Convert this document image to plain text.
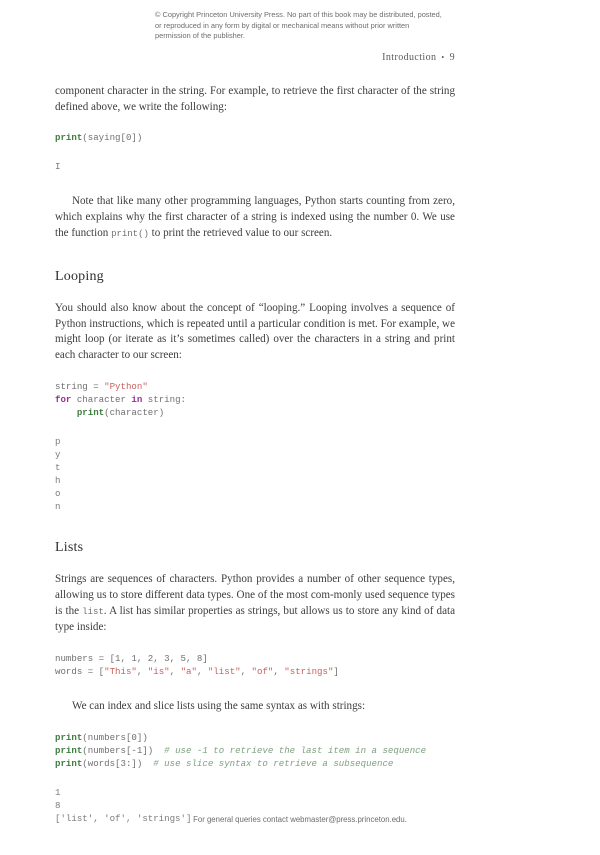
© Copyright Princeton University Press. No part of this book may be distributed, posted, or reproduced in any form by digital or mechanical means without prior written permission of the publisher.
Introduction • 9

component character in the string. For example, to retrieve the first character of the string defined above, we write the following:

print(saying[0])
I

Note that like many other programming languages, Python starts counting from zero, which explains why the first character of a string is indexed using the number 0. We use the function print() to print the retrieved value to our screen.

Looping

You should also know about the concept of “looping.” Looping involves a sequence of Python instructions, which is repeated until a particular condition is met. For example, we might loop (or iterate as it’s sometimes called) over the characters in a string and print each character to our screen:

string = "Python"
for character in string:
print(character)
p
y
t
h
o
n
Lists

Strings are sequences of characters. Python provides a number of other sequence types, allowing us to store different data types. One of the most com-monly used sequence types is the list. A list has similar properties as strings, but allows us to store any kind of data type inside:

numbers = [1, 1, 2, 3, 5, 8]
words = ["This", "is", "a", "list", "of", "strings"]

We can index and slice lists using the same syntax as with strings:

print(numbers[0])
print(numbers[-1])  # use -1 to retrieve the last item in a sequence
print(words[3:])  # use slice syntax to retrieve a subsequence
1
8
['list', 'of', 'strings'] For general queries contact webmaster@press.princeton.edu.
